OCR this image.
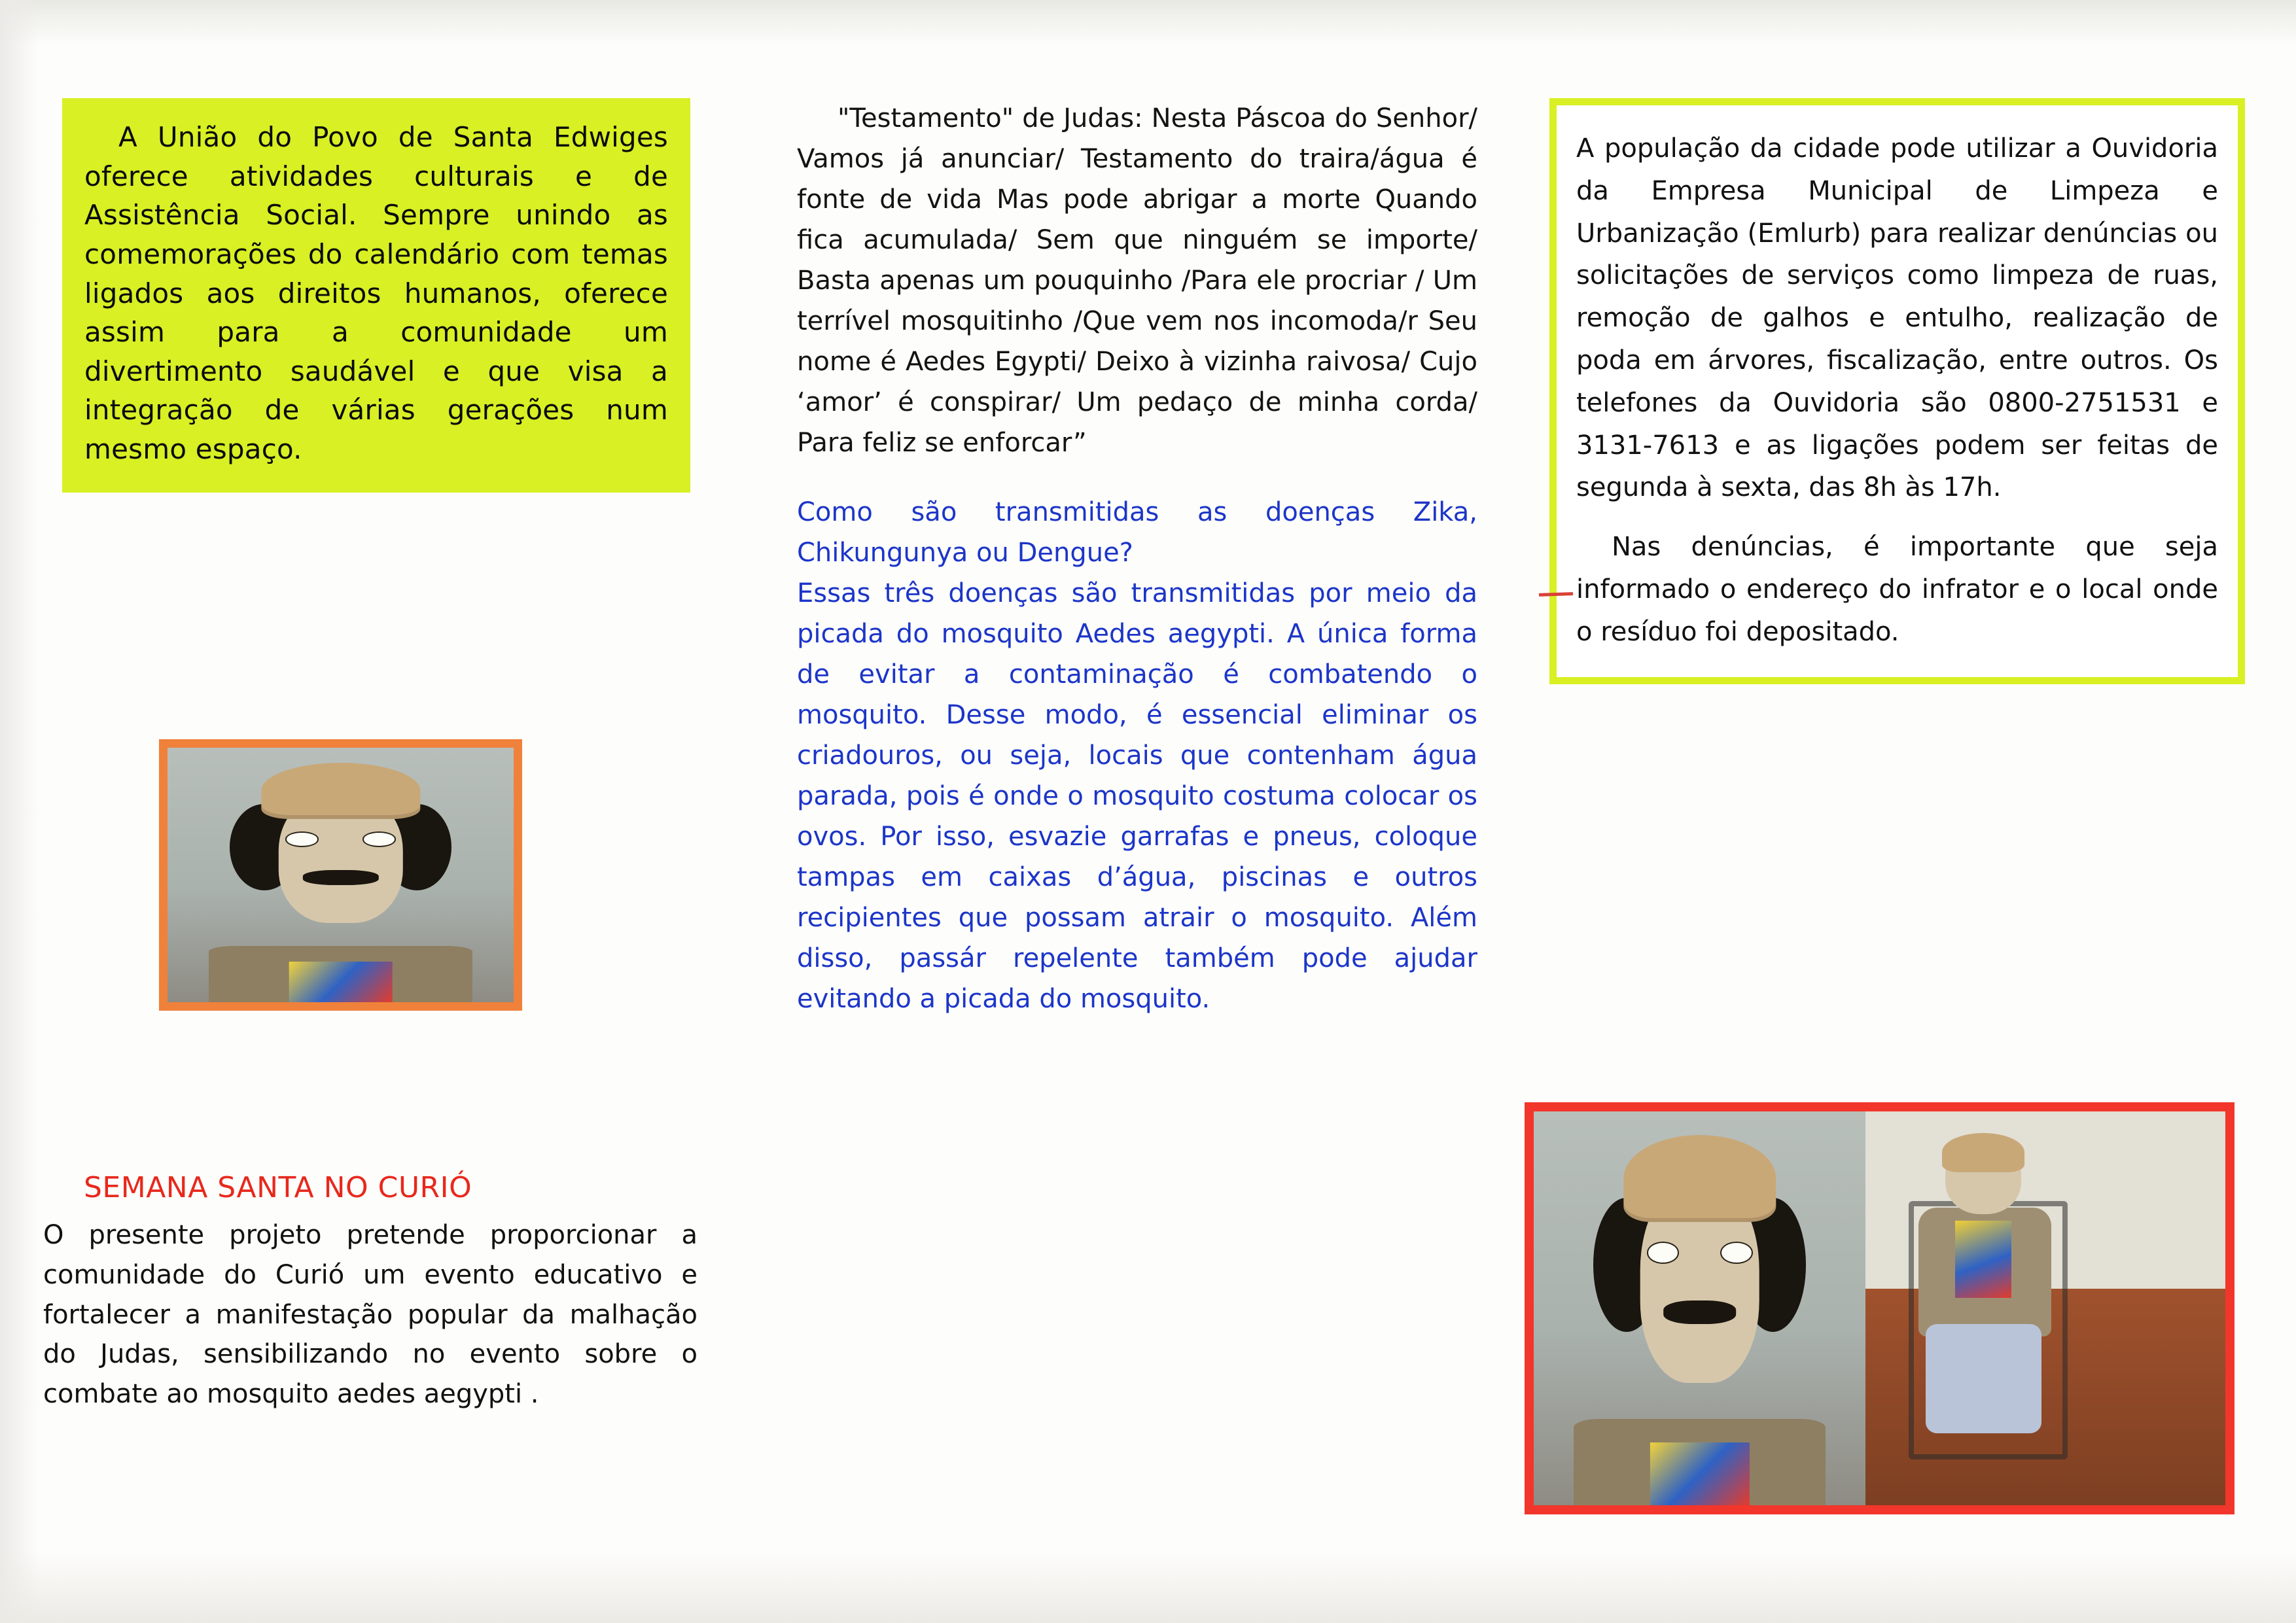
A União do Povo de Santa Edwiges oferece atividades culturais e de Assistência Social. Sempre unindo as comemorações do calendário com temas ligados aos direitos humanos, oferece assim para a comunidade um divertimento saudável e que visa a integração de várias gerações num mesmo espaço.

SEMANA SANTA NO CURIÓ

O presente projeto pretende proporcionar a comunidade do Curió um evento educativo e fortalecer a manifestação popular da malhação do Judas, sensibilizando no evento sobre o combate ao mosquito aedes aegypti .

"Testamento" de Judas: Nesta Páscoa do Senhor/ Vamos já anunciar/ Testamento do traira/água é fonte de vida Mas pode abrigar a morte Quando fica acumulada/ Sem que ninguém se importe/ Basta apenas um pouquinho /Para ele procriar / Um terrível mosquitinho /Que vem nos incomoda/r Seu nome é Aedes Egypti/ Deixo à vizinha raivosa/ Cujo ‘amor’ é conspirar/ Um pedaço de minha corda/ Para feliz se enforcar”

Como são transmitidas as doenças Zika, Chikungunya ou Dengue?

Essas três doenças são transmitidas por meio da picada do mosquito Aedes aegypti. A única forma de evitar a contaminação é combatendo o mosquito. Desse modo, é essencial eliminar os criadouros, ou seja, locais que contenham água parada, pois é onde o mosquito costuma colocar os ovos. Por isso, esvazie garrafas e pneus, coloque tampas em caixas d’água, piscinas e outros recipientes que possam atrair o mosquito. Além disso, passár repelente também pode ajudar evitando a picada do mosquito.

A população da cidade pode utilizar a Ouvidoria da Empresa Municipal de Limpeza e Urbanização (Emlurb) para realizar denúncias ou solicitações de serviços como limpeza de ruas, remoção de galhos e entulho, realização de poda em árvores, fiscalização, entre outros. Os telefones da Ouvidoria são 0800-2751531 e 3131-7613 e as ligações podem ser feitas de segunda à sexta, das 8h às 17h.

Nas denúncias, é importante que seja informado o endereço do infrator e o local onde o resíduo foi depositado.
